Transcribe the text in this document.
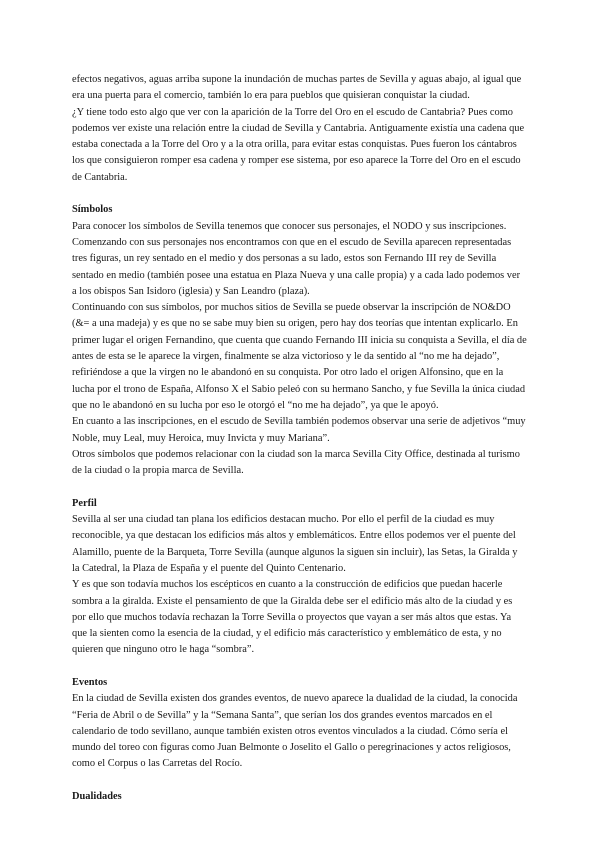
efectos negativos, aguas arriba supone la inundación de muchas partes de Sevilla y aguas abajo, al igual que era una puerta para el comercio, también lo era para pueblos que quisieran conquistar la ciudad.

¿Y tiene todo esto algo que ver con la aparición de la Torre del Oro en el escudo de Cantabria? Pues como podemos ver existe una relación entre la ciudad de Sevilla y Cantabria. Antiguamente existía una cadena que estaba conectada a la Torre del Oro y a la otra orilla, para evitar estas conquistas. Pues fueron los cántabros los que consiguieron romper esa cadena y romper ese sistema, por eso aparece la Torre del Oro en el escudo de Cantabria.

Símbolos

Para conocer los símbolos de Sevilla tenemos que conocer sus personajes, el NODO y sus inscripciones.

Comenzando con sus personajes nos encontramos con que en el escudo de Sevilla aparecen representadas tres figuras, un rey sentado en el medio y dos personas a su lado, estos son Fernando III rey de Sevilla sentado en medio (también posee una estatua en Plaza Nueva y una calle propia) y a cada lado podemos ver a los obispos San Isidoro (iglesia) y San Leandro (plaza).

Continuando con sus símbolos, por muchos sitios de Sevilla se puede observar la inscripción de NO&DO (&= a una madeja) y es que no se sabe muy bien su origen, pero hay dos teorías que intentan explicarlo. En primer lugar el origen Fernandino, que cuenta que cuando Fernando III inicia su conquista a Sevilla, el día de antes de esta se le aparece la virgen, finalmente se alza victorioso y le da sentido al “no me ha dejado”, refiriéndose a que la virgen no le abandonó en su conquista. Por otro lado el origen Alfonsino, que en la lucha por el trono de España, Alfonso X el Sabio peleó con su hermano Sancho, y fue Sevilla la única ciudad que no le abandonó en su lucha por eso le otorgó el “no me ha dejado”, ya que le apoyó.

En cuanto a las inscripciones, en el escudo de Sevilla también podemos observar una serie de adjetivos “muy Noble, muy Leal, muy Heroica, muy Invicta y muy Mariana”.

Otros símbolos que podemos relacionar con la ciudad son la marca Sevilla City Office, destinada al turismo de la ciudad o la propia marca de Sevilla.

Perfil

Sevilla al ser una ciudad tan plana los edificios destacan mucho. Por ello el perfil de la ciudad es muy reconocible, ya que destacan los edificios más altos y emblemáticos. Entre ellos podemos ver el puente del Alamillo, puente de la Barqueta, Torre Sevilla (aunque algunos la siguen sin incluir), las Setas, la Giralda y la Catedral, la Plaza de España y el puente del Quinto Centenario.

Y es que son todavía muchos los escépticos en cuanto a la construcción de edificios que puedan hacerle sombra a la giralda. Existe el pensamiento de que la Giralda debe ser el edificio más alto de la ciudad y es por ello que muchos todavía rechazan la Torre Sevilla o proyectos que vayan a ser más altos que estas. Ya que la sienten como la esencia de la ciudad, y el edificio más característico y emblemático de esta, y no quieren que ninguno otro le haga “sombra”.

Eventos

En la ciudad de Sevilla existen dos grandes eventos, de nuevo aparece la dualidad de la ciudad, la conocida “Feria de Abril o de Sevilla” y la “Semana Santa”, que serían los dos grandes eventos marcados en el calendario de todo sevillano, aunque también existen otros eventos vinculados a la ciudad. Cómo sería el mundo del toreo con figuras como Juan Belmonte o Joselito el Gallo o peregrinaciones y actos religiosos, como el Corpus o las Carretas del Rocío.

Dualidades
